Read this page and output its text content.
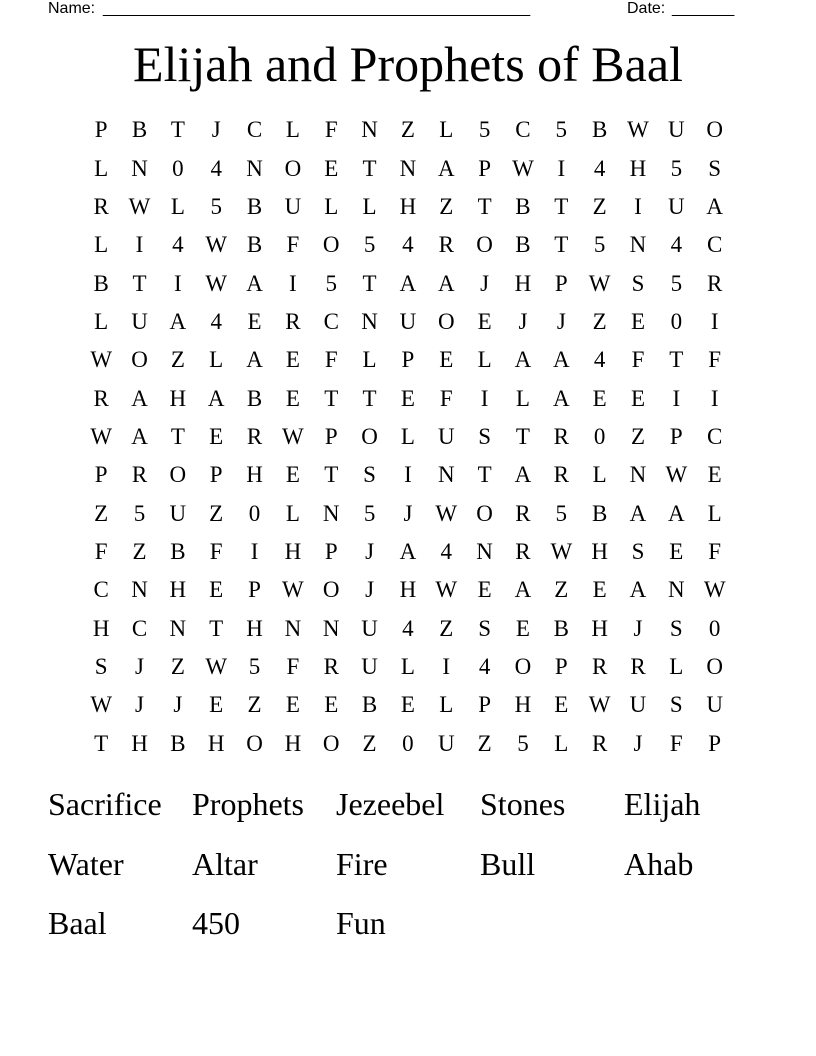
Name: ________________________________________________	Date: _______
Elijah and Prophets of Baal
P	B	T	J	C	L	F	N	Z	L	5	C	5	B W U O
L	N	0	4	N O	E	T	N A	P W	I	4	H	5	S
R W L	5	B U	L	L	H	Z	T	B	T	Z	I	U A
L	I	4 W B	F	O	5	4	R O B	T	5	N	4	C
B	T	I	W A	I	5	T	A A	J	H	P W S	5	R
L	U A	4	E	R	C N U O	E	J	J	Z	E	0	I
W O	Z	L	A	E	F	L	P	E	L	A A	4	F	T	F
R A H A B	E	T	T	E	F	I	L	A	E	E	I	I
W A	T	E	R W P	O	L	U	S	T	R	0	Z	P	C
P	R O	P	H	E	T	S	I	N	T	A R	L	N W E
Z	5	U	Z	0	L	N	5	J	W O R	5	B A A	L
F	Z	B	F	I	H	P	J	A	4	N R W H	S	E	F
C N H	E	P W O	J	H W E	A	Z	E	A N W
H C N	T	H N N U	4	Z	S	E	B H	J	S	0
S	J	Z W 5	F	R U	L	I	4	O	P	R	R	L	O
W	J	J	E	Z	E	E	B	E	L	P	H	E W U	S	U
T	H B H O H O	Z	0	U	Z	5	L	R	J	F	P
Sacrifice Prophets	Jezeebel	Stones	Elijah
Water	Altar	Fire	Bull	Ahab
Baal	450	Fun
